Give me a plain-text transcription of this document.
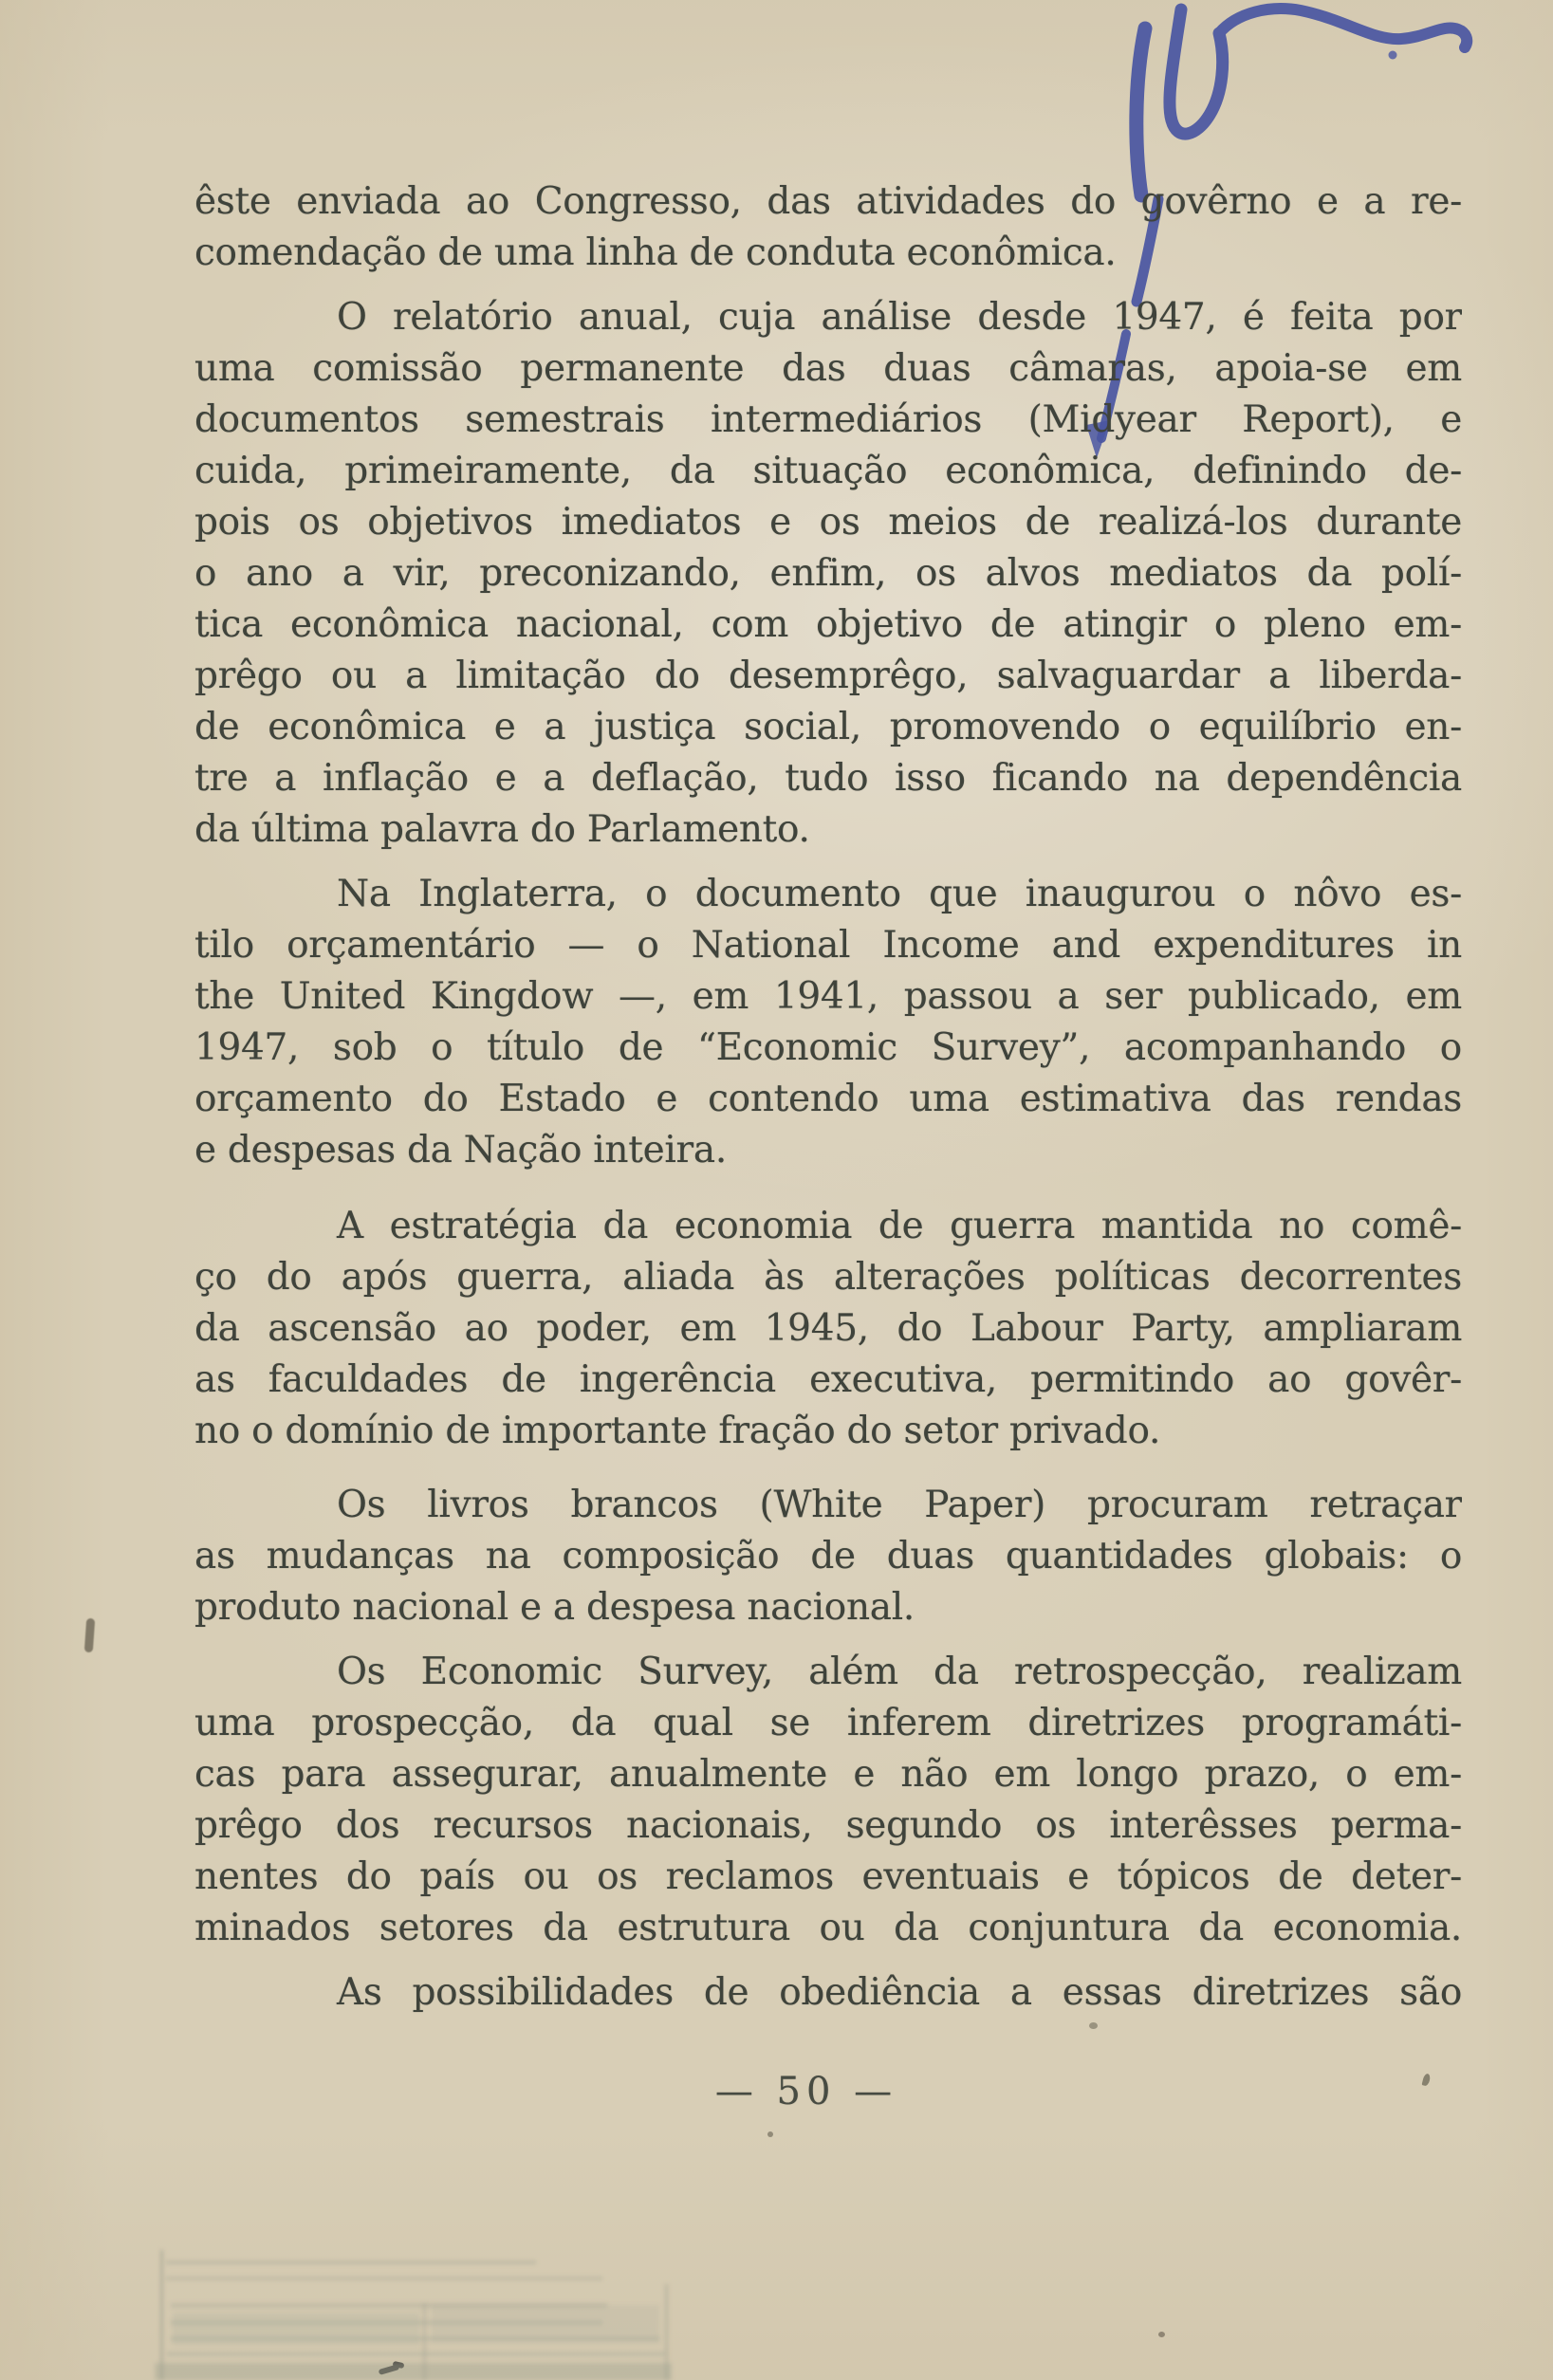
êste enviada ao Congresso, das atividades do govêrno e a re-
comendação de uma linha de conduta econômica.
O relatório anual, cuja análise desde 1947, é feita por
uma comissão permanente das duas câmaras, apoia-se em
documentos semestrais intermediários (Midyear Report), e
cuida, primeiramente, da situação econômica, definindo de-
pois os objetivos imediatos e os meios de realizá-los durante
o ano a vir, preconizando, enfim, os alvos mediatos da polí-
tica econômica nacional, com objetivo de atingir o pleno em-
prêgo ou a limitação do desemprêgo, salvaguardar a liberda-
de econômica e a justiça social, promovendo o equilíbrio en-
tre a inflação e a deflação, tudo isso ficando na dependência
da última palavra do Parlamento.
Na Inglaterra, o documento que inaugurou o nôvo es-
tilo orçamentário — o National Income and expenditures in
the United Kingdow —, em 1941, passou a ser publicado, em
1947, sob o título de “Economic Survey”, acompanhando o
orçamento do Estado e contendo uma estimativa das rendas
e despesas da Nação inteira.
A estratégia da economia de guerra mantida no comê-
ço do após guerra, aliada às alterações políticas decorrentes
da ascensão ao poder, em 1945, do Labour Party, ampliaram
as faculdades de ingerência executiva, permitindo ao govêr-
no o domínio de importante fração do setor privado.
Os livros brancos (White Paper) procuram retraçar
as mudanças na composição de duas quantidades globais: o
produto nacional e a despesa nacional.
Os Economic Survey, além da retrospecção, realizam
uma prospecção, da qual se inferem diretrizes programáti-
cas para assegurar, anualmente e não em longo prazo, o em-
prêgo dos recursos nacionais, segundo os interêsses perma-
nentes do país ou os reclamos eventuais e tópicos de deter-
minados setores da estrutura ou da conjuntura da economia.
As possibilidades de obediência a essas diretrizes são
— 50 —
